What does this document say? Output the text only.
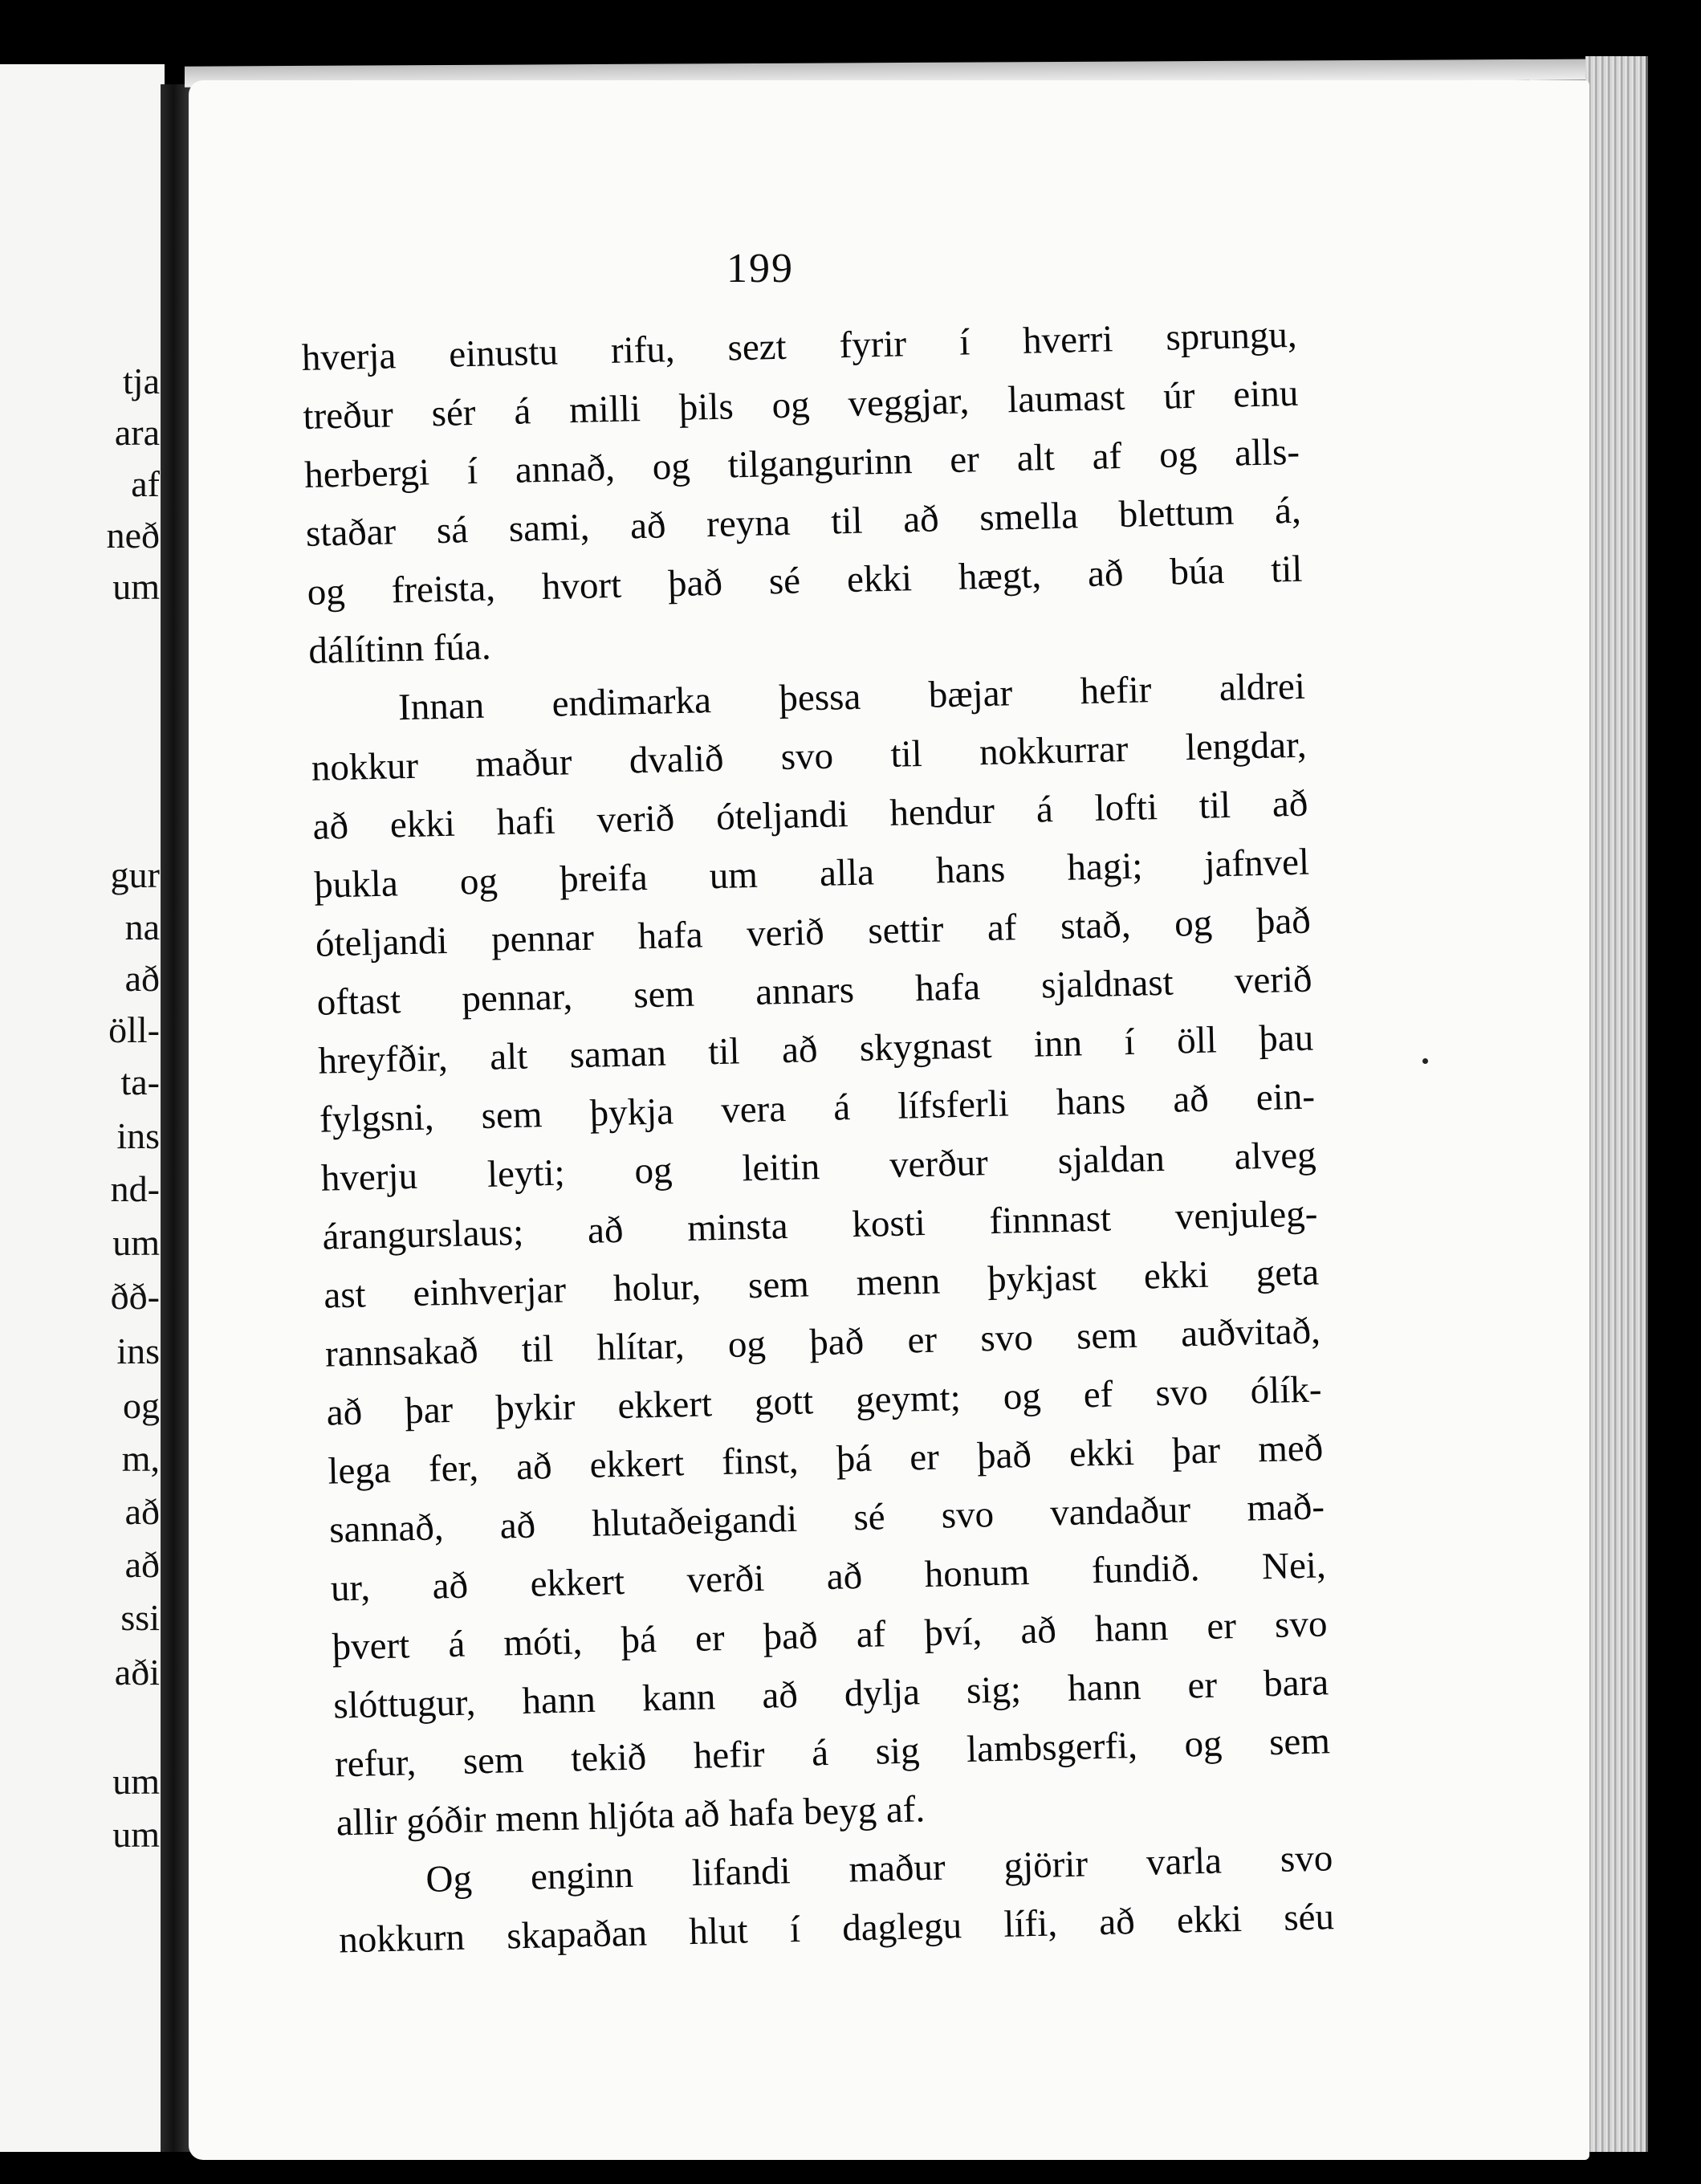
tja
ara
af
neð
um
gur
na
að
öll-
ta-
ins
nd-
um
ðð-
ins
og
m,
að
að
ssi
aði
um
um
199
hverja einustu rifu, sezt fyrir í hverri sprungu,
treður sér á milli þils og veggjar, laumast úr einu
herbergi í annað, og tilgangurinn er alt af og alls-
staðar sá sami, að reyna til að smella blettum á,
og freista, hvort það sé ekki hægt, að búa til
dálítinn fúa.
Innan endimarka þessa bæjar hefir aldrei
nokkur maður dvalið svo til nokkurrar lengdar,
að ekki hafi verið óteljandi hendur á lofti til að
þukla og þreifa um alla hans hagi; jafnvel
óteljandi pennar hafa verið settir af stað, og það
oftast pennar, sem annars hafa sjaldnast verið
hreyfðir, alt saman til að skygnast inn í öll þau
fylgsni, sem þykja vera á lífsferli hans að ein-
hverju leyti; og leitin verður sjaldan alveg
árangurslaus; að minsta kosti finnnast venjuleg-
ast einhverjar holur, sem menn þykjast ekki geta
rannsakað til hlítar, og það er svo sem auðvitað,
að þar þykir ekkert gott geymt; og ef svo ólík-
lega fer, að ekkert finst, þá er það ekki þar með
sannað, að hlutaðeigandi sé svo vandaður mað-
ur, að ekkert verði að honum fundið. Nei,
þvert á móti, þá er það af því, að hann er svo
slóttugur, hann kann að dylja sig; hann er bara
refur, sem tekið hefir á sig lambsgerfi, og sem
allir góðir menn hljóta að hafa beyg af.
Og enginn lifandi maður gjörir varla svo
nokkurn skapaðan hlut í daglegu lífi, að ekki séu
